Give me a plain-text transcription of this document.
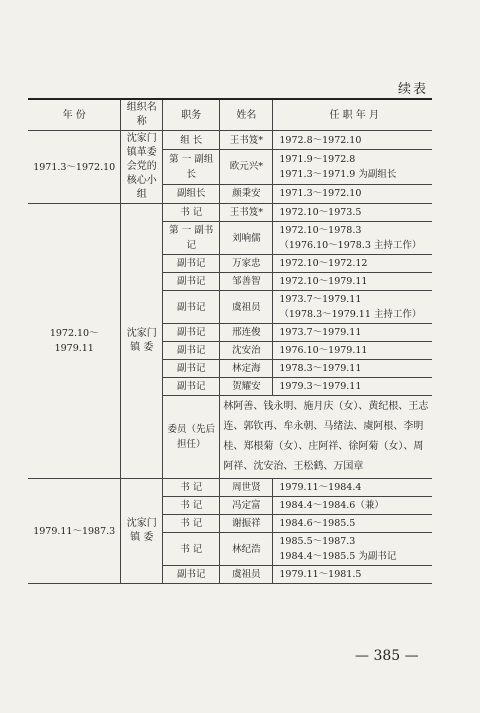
续表
年 份	组织名称	职务	姓名	任 职 年 月
1971.3～1972.10	沈家门镇革委会党的核心小组	组 长	王书笈*	1972.8～1972.10

		第 一 副组长	欧元兴*	1971.9～1972.8
1971.3～1971.9 为副组长

		副组长	颜秉安	1971.3～1972.10

1972.10～1979.11	沈家门镇 委	书 记	王书笈*	1972.10～1973.5

		第 一 副书记	刘响儒	1972.10～1978.3
（1976.10～1978.3 主持工作）

		副书记	万家忠	1972.10～1972.12

		副书记	邹善智	1972.10～1979.11

		副书记	虞祖员	1973.7～1979.11
（1978.3～1979.11 主持工作）

		副书记	邢连俊	1973.7～1979.11

		副书记	沈安治	1976.10～1979.11

		副书记	林定海	1978.3～1979.11

		副书记	贺耀安	1979.3～1979.11

		委员（先后担任）	林阿善、钱永明、施月庆（女）、黄纪根、王志连、郭钦再、牟永朝、马绪法、虞阿根、李明桂、郑根菊（女）、庄阿祥、徐阿菊（女）、周阿祥、沈安治、王松鹤、万国章	
1979.11～1987.3	沈家门镇 委	书 记	周世贤	1979.11～1984.4

		书 记	冯定富	1984.4～1984.6（兼）

		书 记	谢振祥	1984.6～1985.5

		书 记	林纪浩	1985.5～1987.3
1984.4～1985.5 为副书记

		副书记	虞祖员	1979.11～1981.5
— 385 —
